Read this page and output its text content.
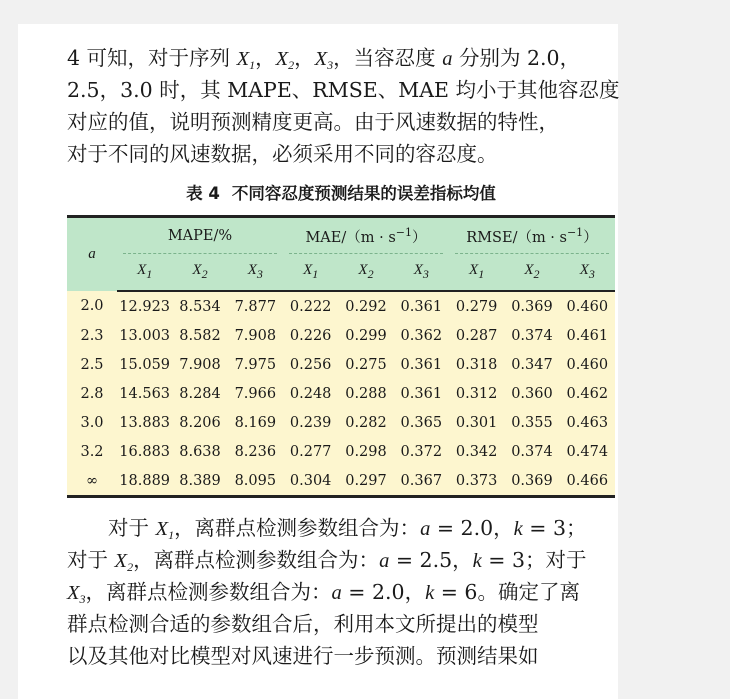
4 可知，对于序列 $X_1$，$X_2$，$X_3$，当容忍度 a 分别为 2.0，
2.5，3.0 时，其 MAPE、RMSE、MAE 均小于其他容忍度
对应的值，说明预测精度更高。由于风速数据的特性，
对于不同的风速数据，必须采用不同的容忍度。
表 4 不同容忍度预测结果的误差指标均值
a	MAPE/%			$MAE/(m \cdot s^{-1})$			RMSE/（m · $s^{-1}$）		

	$X_1$	$X_2$	$X_3$	$X_1$	$X_2$	$X_3$	$X_1$	$X_2$	$X_3$
2.0	12.923	8.534	7.877	0.222	0.292	0.361	0.279	0.369	0.460
2.3	13.003	8.582	7.908	0.226	0.299	0.362	0.287	0.374	0.461
2.5	15.059	7.908	7.975	0.256	0.275	0.361	0.318	0.347	0.460
2.8	14.563	8.284	7.966	0.248	0.288	0.361	0.312	0.360	0.462
3.0	13.883	8.206	8.169	0.239	0.282	0.365	0.301	0.355	0.463
3.2	16.883	8.638	8.236	0.277	0.298	0.372	0.342	0.374	0.474
∞	18.889	8.389	8.095	0.304	0.297	0.367	0.373	0.369	0.466
对于 $X_1$，离群点检测参数组合为：a = 2.0，k = 3；
对于 $X_2$，离群点检测参数组合为：a = 2.5，k = 3；对于
$X_3$，离群点检测参数组合为：a = 2.0，k = 6。确定了离
群点检测合适的参数组合后，利用本文所提出的模型
以及其他对比模型对风速进行一步预测。预测结果如
